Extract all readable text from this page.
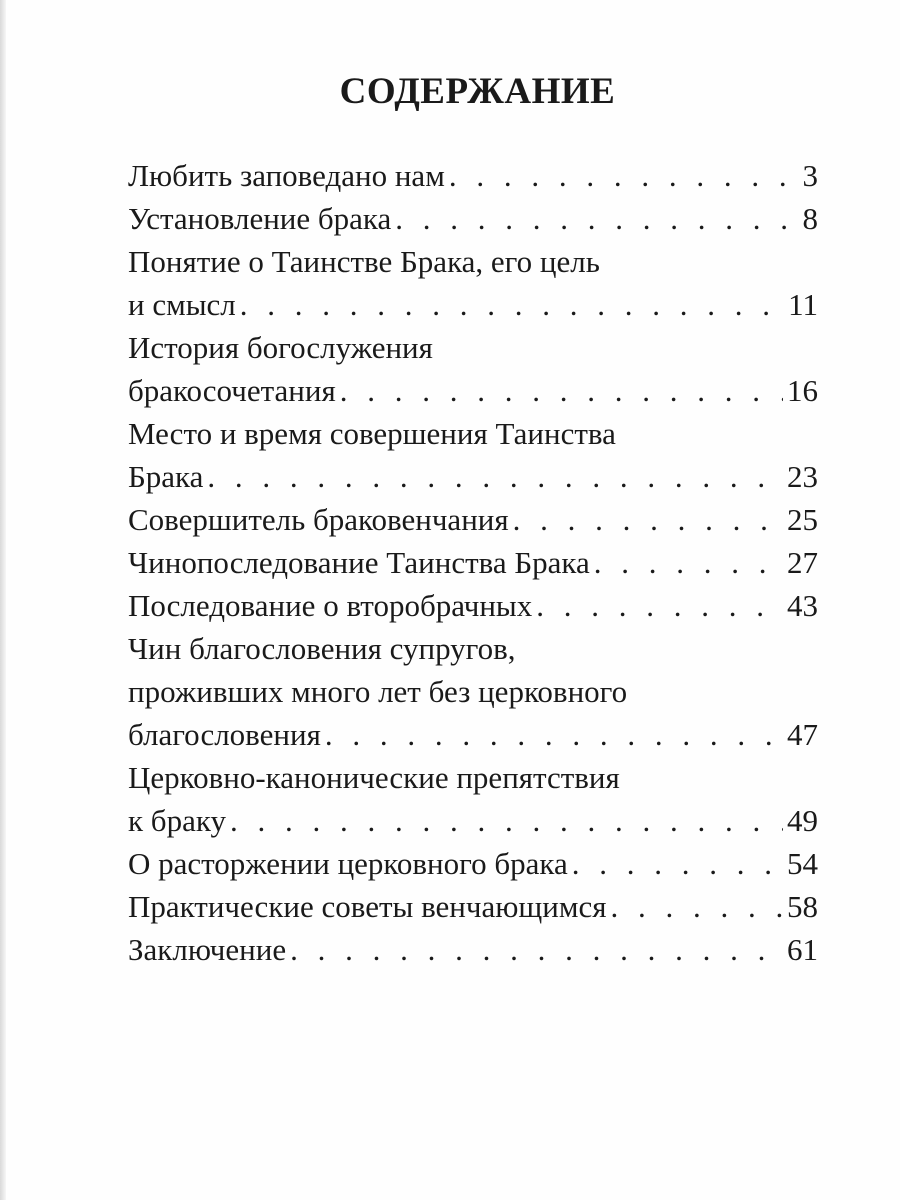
СОДЕРЖАНИЕ
Любить заповедано нам . . .	3
Установление брака . . .	8
Понятие о Таинстве Брака, его цель
и смысл . . .	11
История богослужения
бракосочетания . . .	16
Место и время совершения Таинства
Брака . . .	23
Совершитель браковенчания . . .	25
Чинопоследование Таинства Брака . . .	27
Последование о второбрачных . . .	43
Чин благословения супругов,
проживших много лет без церковного
благословения . . .	47
Церковно-канонические препятствия
к браку . . .	49
О расторжении церковного брака . . .	54
Практические советы венчающимся . . .	58
Заключение . . .	61
